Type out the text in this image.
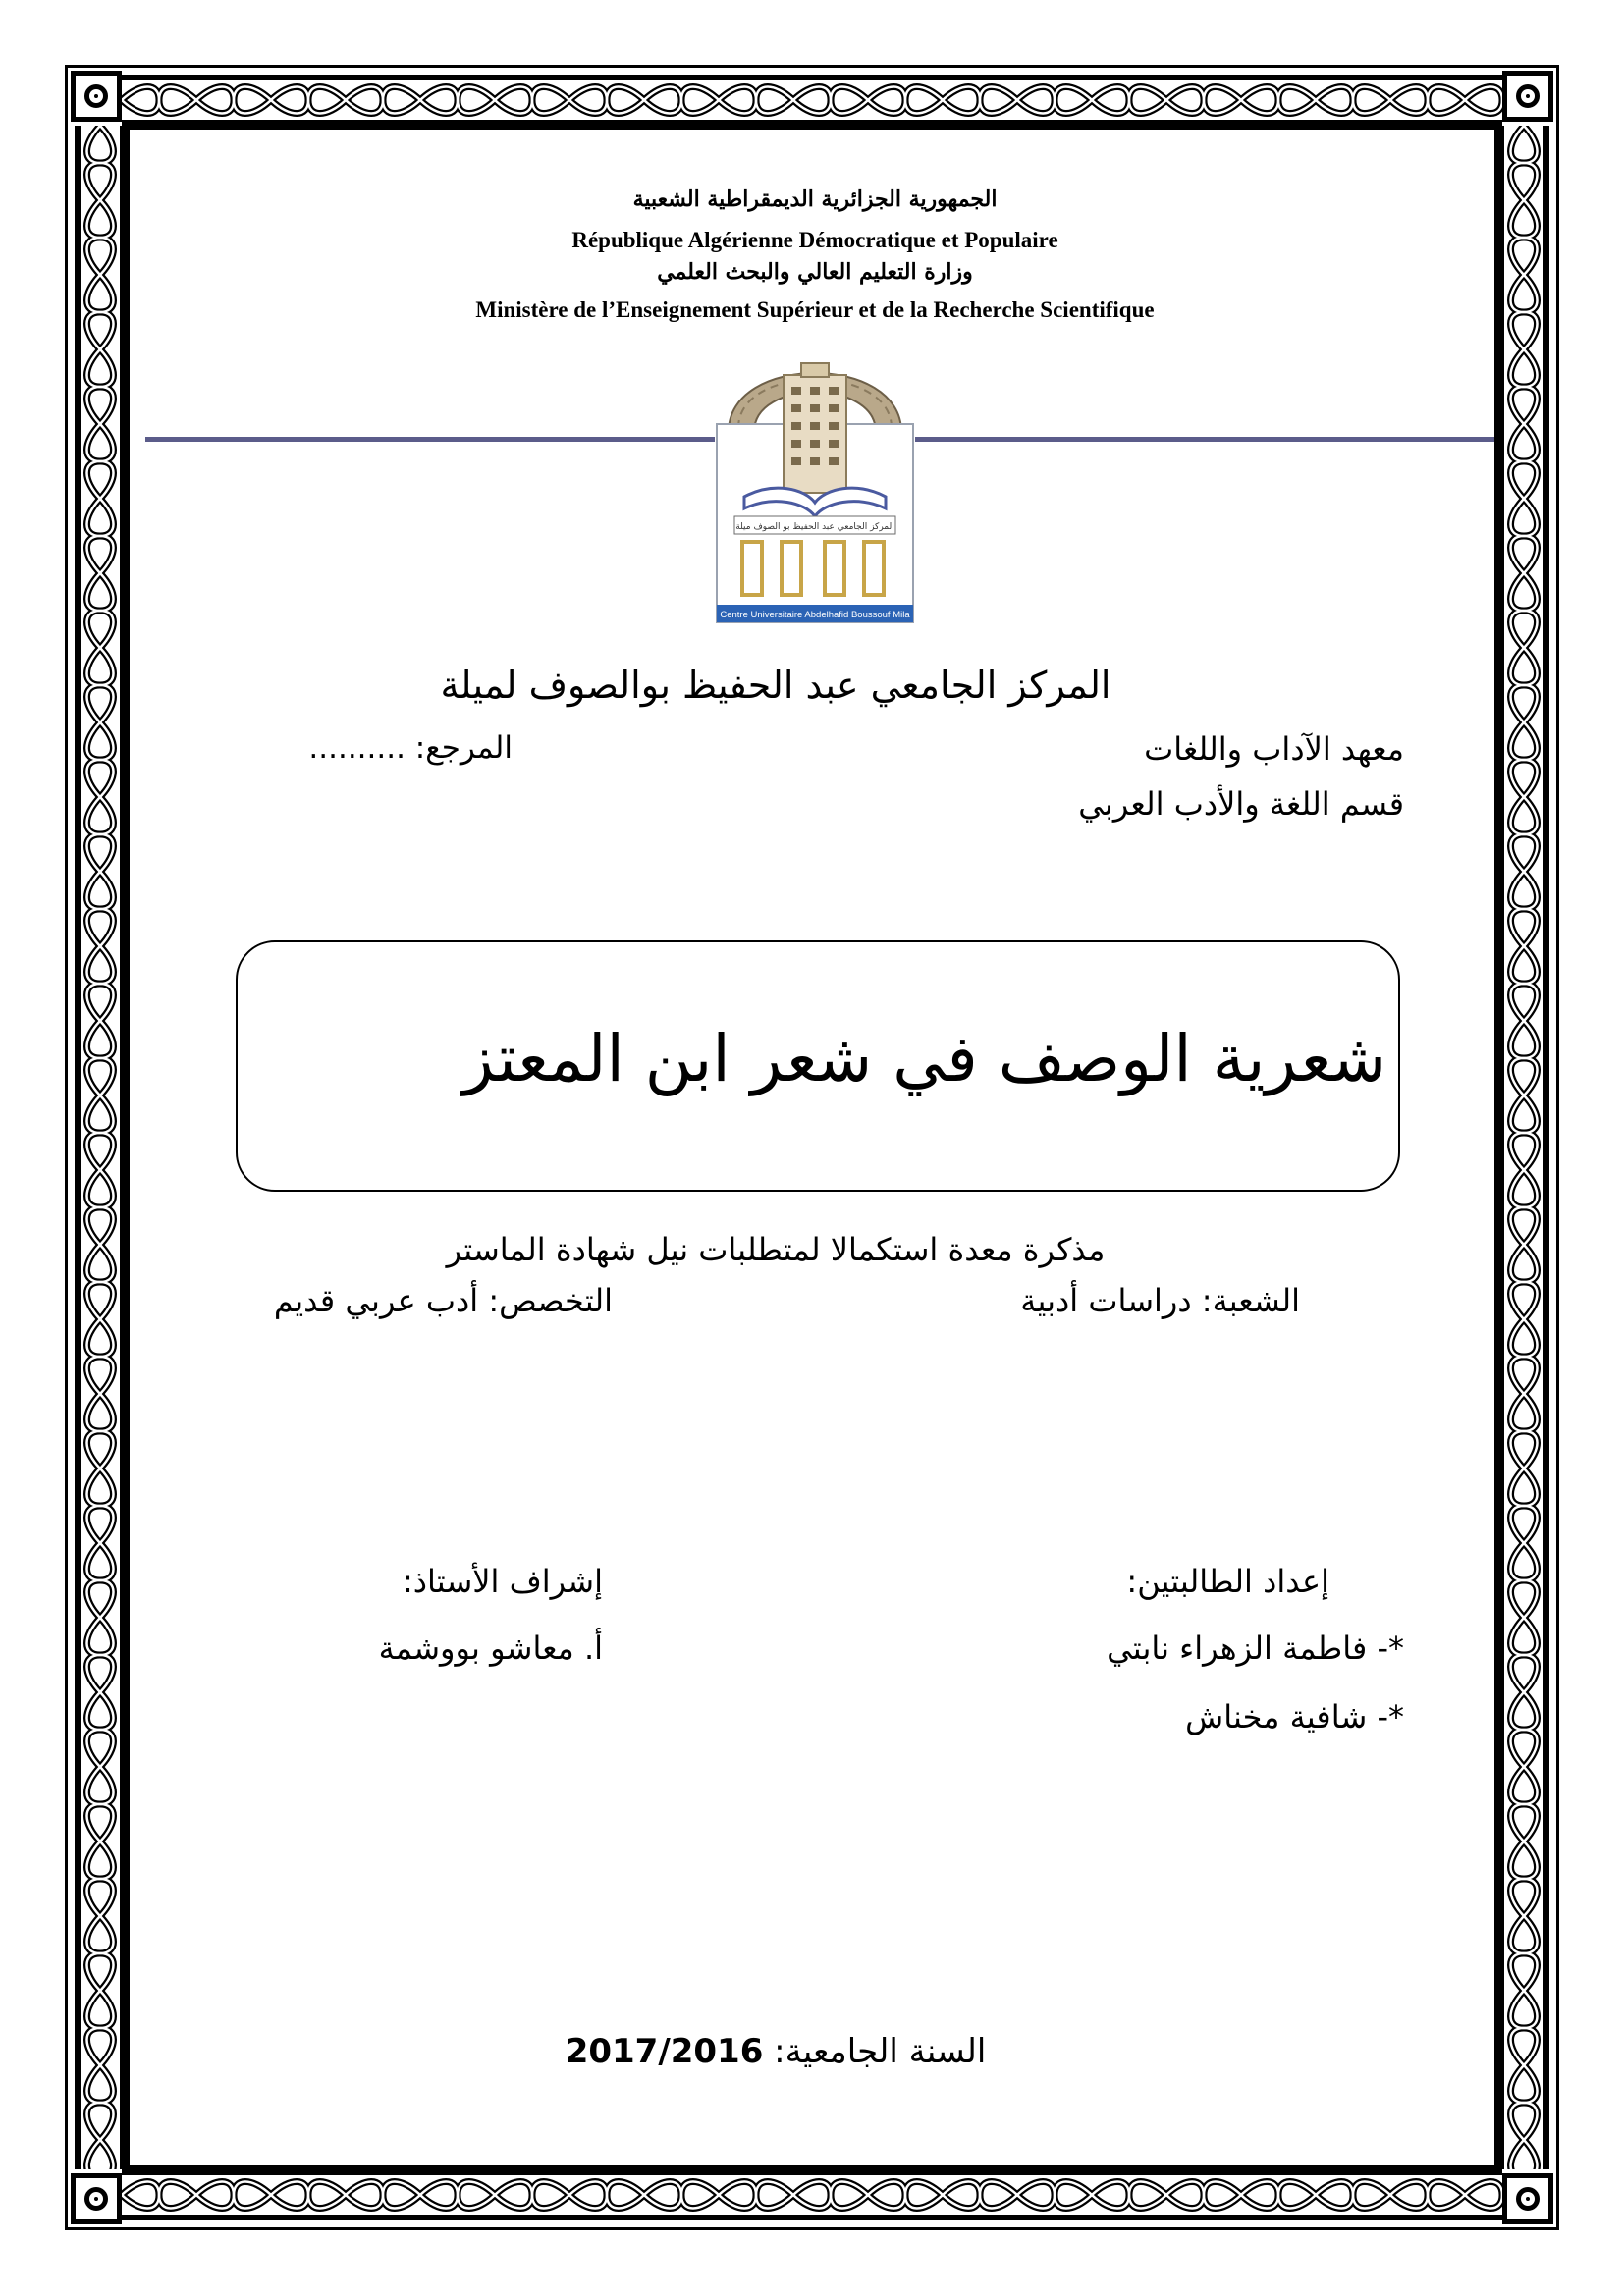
الجمهورية الجزائرية الديمقراطية الشعبية
République Algérienne Démocratique et Populaire
وزارة التعليم العالي والبحث العلمي
Ministère de l’Enseignement Supérieur et de la Recherche Scientifique
المركز الجامعي عبد الحفيظ بو الصوف ميلة
Centre Universitaire Abdelhafid Boussouf Mila
المركز الجامعي عبد الحفيظ بوالصوف لميلة
معهد الآداب واللغات
المرجع: ..........
قسم اللغة والأدب العربي
شعرية الوصف في شعر ابن المعتز
مذكرة معدة استكمالا لمتطلبات نيل شهادة الماستر
الشعبة: دراسات أدبية
التخصص: أدب عربي قديم
إعداد الطالبتين:
إشراف الأستاذ:
*- فاطمة الزهراء نابتي
أ. معاشو بووشمة
*- شافية مخناش
السنة الجامعية: 2017/2016
